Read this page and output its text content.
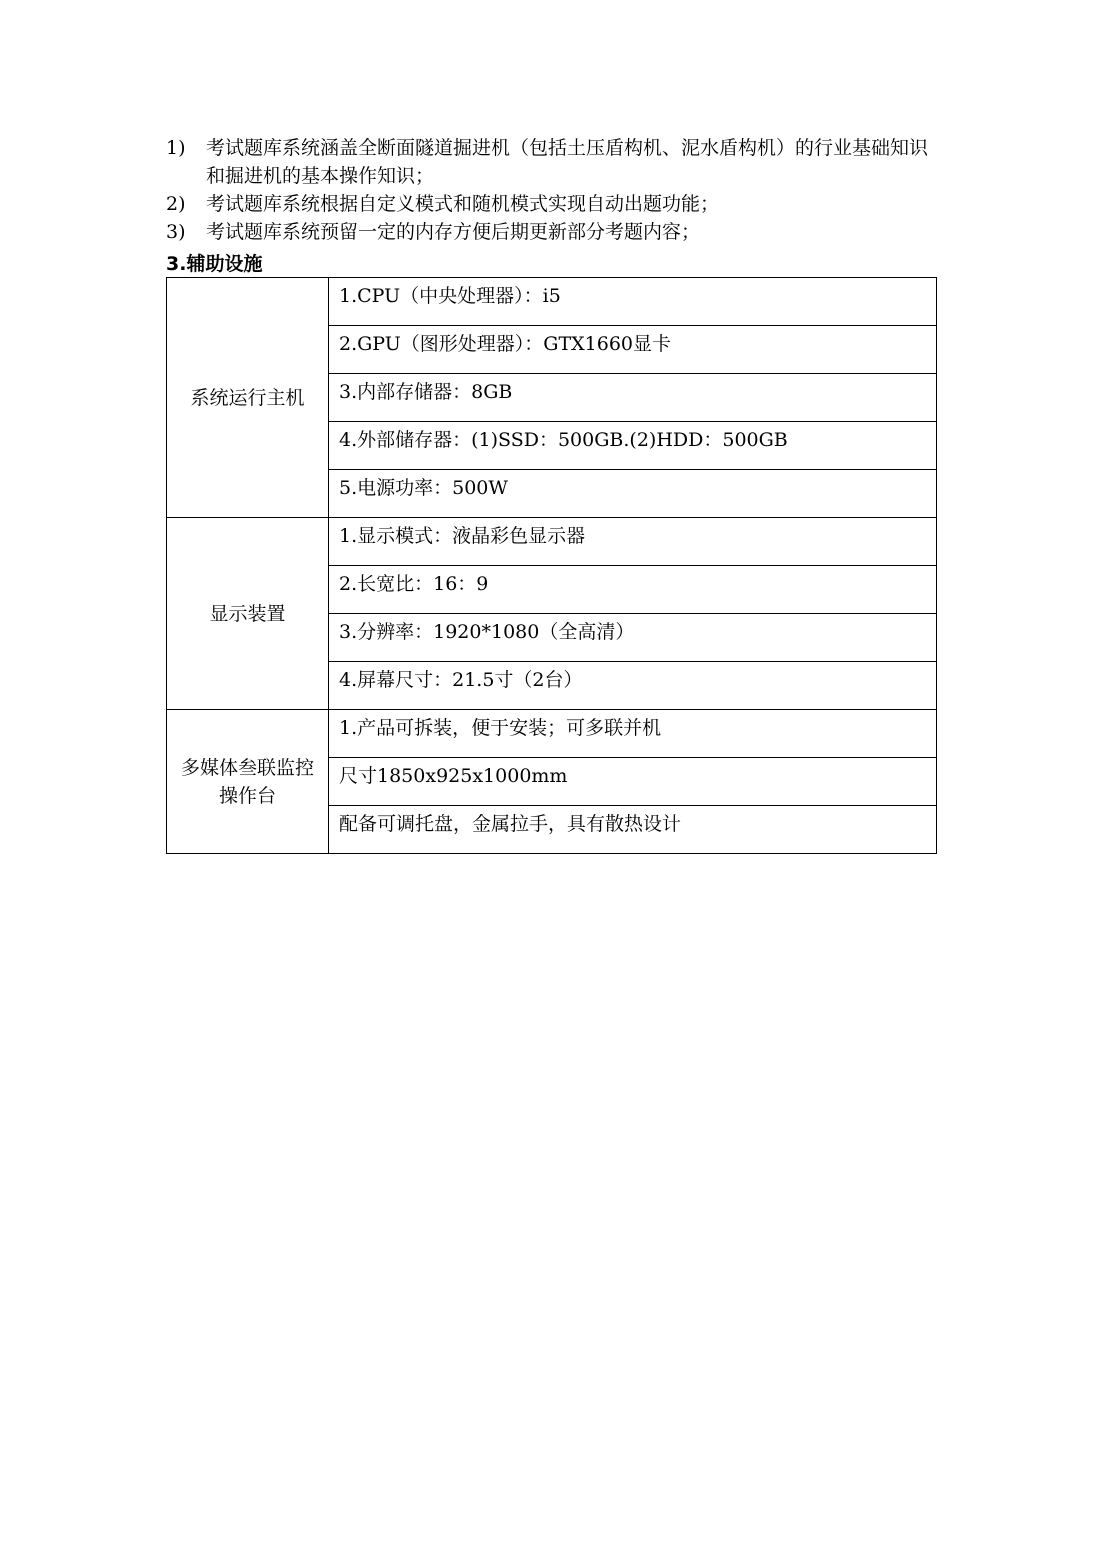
1) 考试题库系统涵盖全断面隧道掘进机（包括土压盾构机、泥水盾构机）的行业基础知识和掘进机的基本操作知识；
2) 考试题库系统根据自定义模式和随机模式实现自动出题功能；
3) 考试题库系统预留一定的内存方便后期更新部分考题内容；
3.辅助设施
系统运行主机	1.CPU（中央处理器）：i5
	2.GPU（图形处理器）：GTX1660显卡
	3.内部存储器：8GB
	4.外部储存器：(1)SSD：500GB.(2)HDD：500GB
	5.电源功率：500W
显示装置	1.显示模式：液晶彩色显示器
	2.长宽比：16：9
	3.分辨率：1920*1080（全高清）
	4.屏幕尺寸：21.5寸（2台）
多媒体叁联监控操作台	1.产品可拆装，便于安装；可多联并机
	尺寸1850x925x1000mm
	配备可调托盘，金属拉手，具有散热设计
